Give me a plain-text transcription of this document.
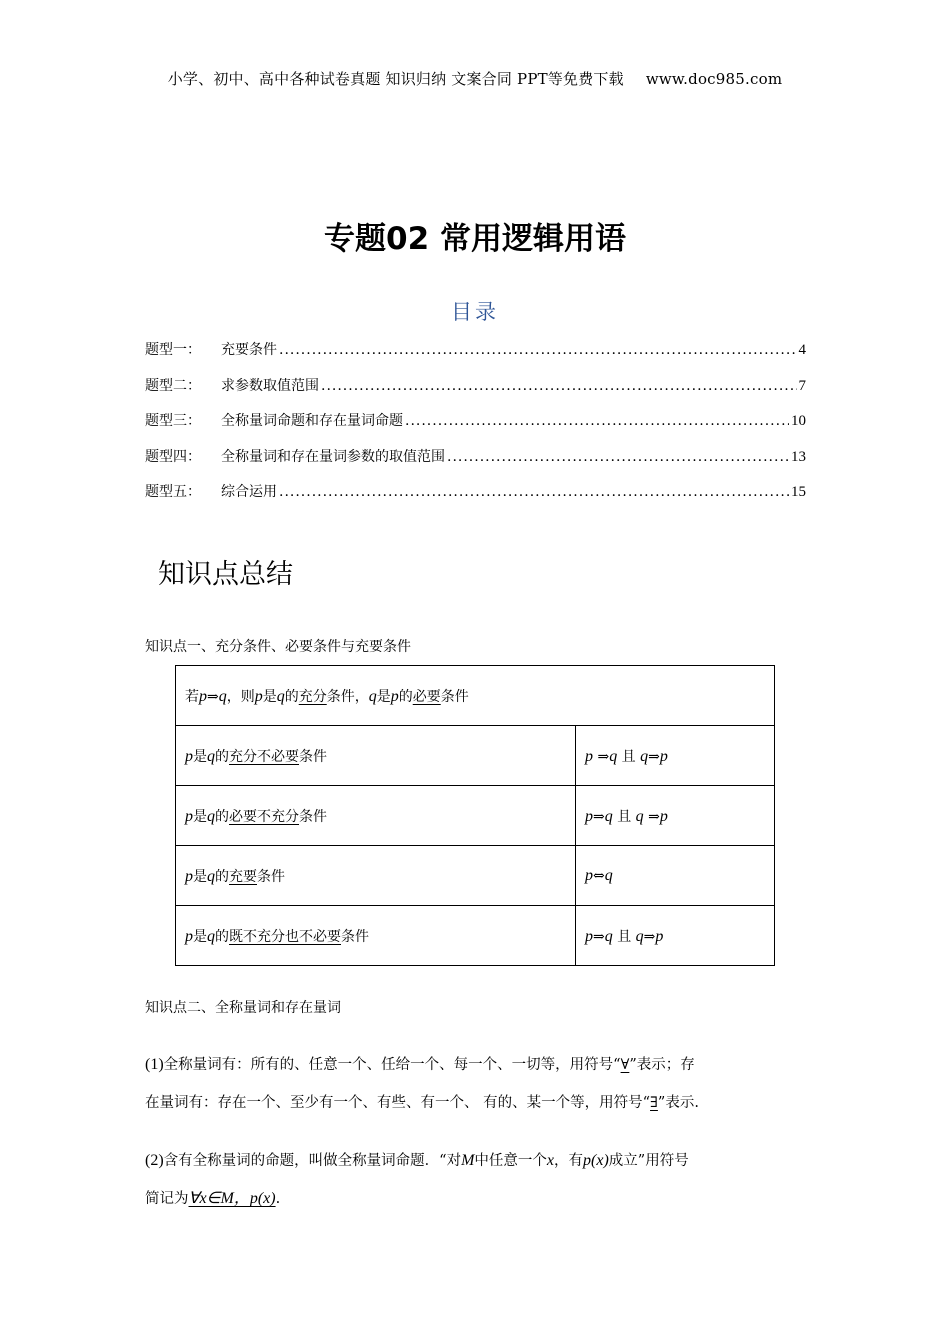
小学、初中、高中各种试卷真题 知识归纳 文案合同 PPT等免费下载 www.doc985.com
专题02 常用逻辑用语
目录
题型一：	充要条件 .....	4
题型二：	求参数取值范围 .....	7
题型三：	全称量词命题和存在量词命题 .....	10
题型四：	全称量词和存在量词参数的取值范围 .....	13
题型五：	综合运用 .....	15
知识点总结
知识点一、充分条件、必要条件与充要条件
若p⇒q，则p是q的充分条件，q是p的必要条件	
p是q的充分不必要条件	p ⇒q 且 q⇒p
p是q的必要不充分条件	p⇒q 且 q ⇒p
p是q的充要条件	p⇔q
p是q的既不充分也不必要条件	p⇒q 且 q⇒p
知识点二、全称量词和存在量词
(1)全称量词有：所有的、任意一个、任给一个、每一个、一切等，用符号“∀”表示；存
在量词有：存在一个、至少有一个、有些、有一个、 有的、某一个等，用符号“∃”表示.
(2)含有全称量词的命题，叫做全称量词命题．“对M中任意一个x，有p(x)成立”用符号
简记为∀x∈M，p(x).
